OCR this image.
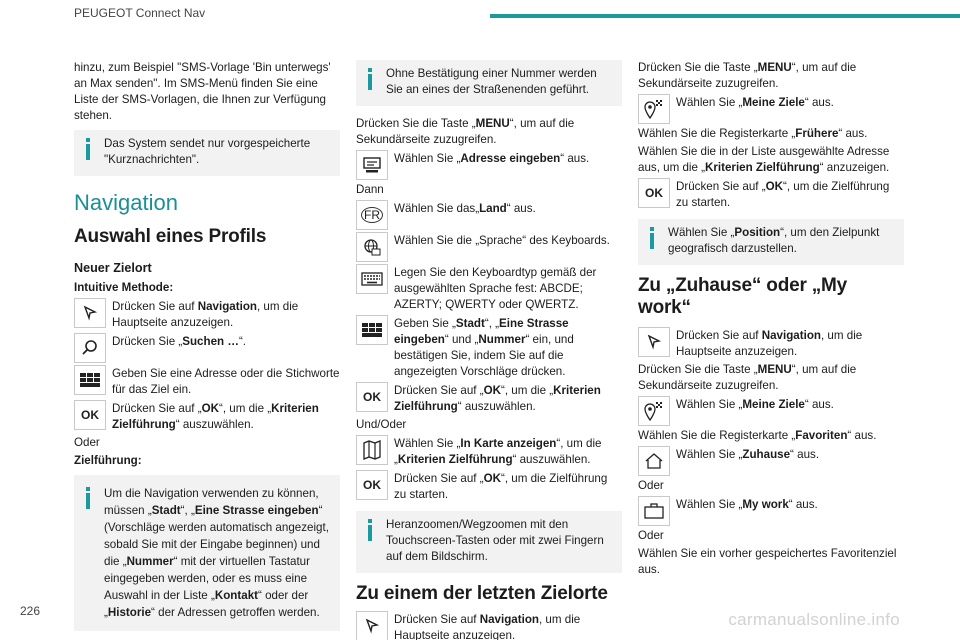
PEUGEOT Connect Nav
hinzu, zum Beispiel "SMS-Vorlage 'Bin unterwegs' an Max senden". Im SMS-Menü finden Sie eine Liste der SMS-Vorlagen, die Ihnen zur Verfügung stehen.
Das System sendet nur vorgespeicherte "Kurznachrichten".
Navigation
Auswahl eines Profils
Neuer Zielort
Intuitive Methode:
Drücken Sie auf Navigation, um die Hauptseite anzuzeigen.
Drücken Sie „Suchen …“.
Geben Sie eine Adresse oder die Stichworte für das Ziel ein.
OK Drücken Sie auf „OK“, um die „Kriterien Zielführung“ auszuwählen.
Oder
Zielführung:
Um die Navigation verwenden zu können, müssen „Stadt“, „Eine Strasse eingeben“ (Vorschläge werden automatisch angezeigt, sobald Sie mit der Eingabe beginnen) und die „Nummer“ mit der virtuellen Tastatur eingegeben werden, oder es muss eine Auswahl in der Liste „Kontakt“ oder der „Historie“ der Adressen getroffen werden.
Ohne Bestätigung einer Nummer werden Sie an eines der Straßenenden geführt.
Drücken Sie die Taste „MENU“, um auf die Sekundärseite zuzugreifen.
Wählen Sie „Adresse eingeben“ aus.
Dann
FR Wählen Sie das„Land“ aus.
Wählen Sie die „Sprache“ des Keyboards.
Legen Sie den Keyboardtyp gemäß der ausgewählten Sprache fest: ABCDE; AZERTY; QWERTY oder QWERTZ.
Geben Sie „Stadt“, „Eine Strasse eingeben“ und „Nummer“ ein, und bestätigen Sie, indem Sie auf die angezeigten Vorschläge drücken.
OK Drücken Sie auf „OK“, um die „Kriterien Zielführung“ auszuwählen.
Und/Oder
Wählen Sie „In Karte anzeigen“, um die „Kriterien Zielführung“ auszuwählen.
OK Drücken Sie auf „OK“, um die Zielführung zu starten.
Heranzoomen/Wegzoomen mit den Touchscreen-Tasten oder mit zwei Fingern auf dem Bildschirm.
Zu einem der letzten Zielorte
Drücken Sie auf Navigation, um die Hauptseite anzuzeigen.
Drücken Sie die Taste „MENU“, um auf die Sekundärseite zuzugreifen.
Wählen Sie „Meine Ziele“ aus.
Wählen Sie die Registerkarte „Frühere“ aus.
Wählen Sie die in der Liste ausgewählte Adresse aus, um die „Kriterien Zielführung“ anzuzeigen.
OK Drücken Sie auf „OK“, um die Zielführung zu starten.
Wählen Sie „Position“, um den Zielpunkt geografisch darzustellen.
Zu „Zuhause“ oder „My work“
Drücken Sie auf Navigation, um die Hauptseite anzuzeigen.
Drücken Sie die Taste „MENU“, um auf die Sekundärseite zuzugreifen.
Wählen Sie „Meine Ziele“ aus.
Wählen Sie die Registerkarte „Favoriten“ aus.
Wählen Sie „Zuhause“ aus.
Oder
Wählen Sie „My work“ aus.
Oder
Wählen Sie ein vorher gespeichertes Favoritenziel aus.
226	carmanualsonline.info
